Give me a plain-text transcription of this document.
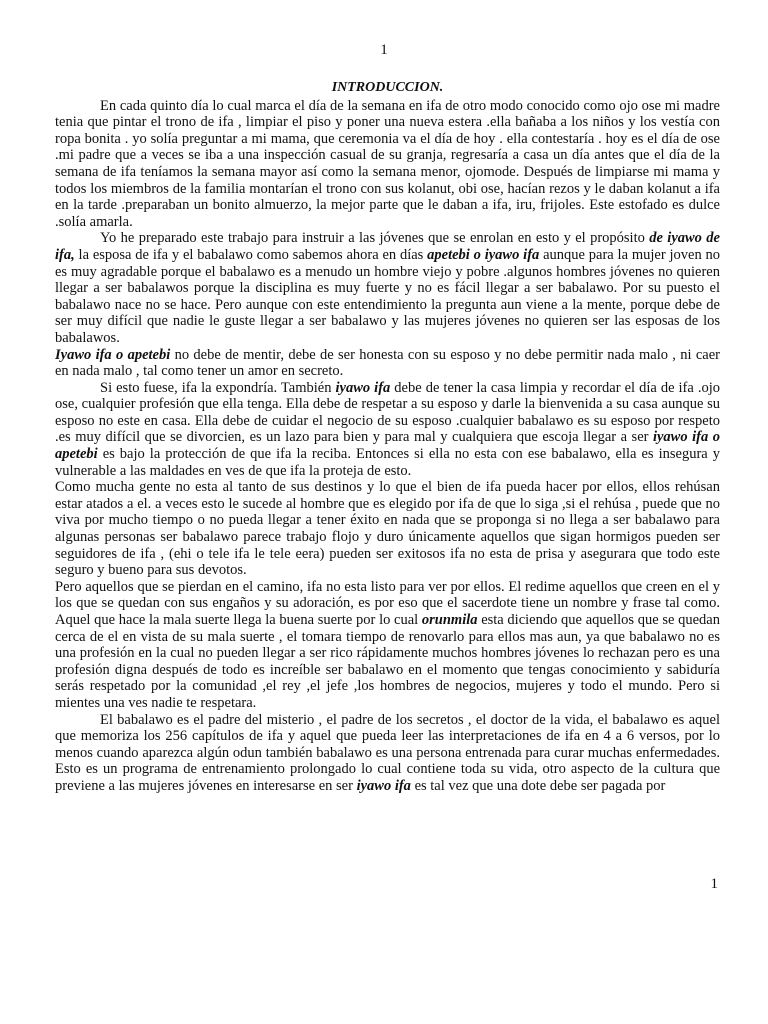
1
INTRODUCCION.

En cada quinto día lo cual marca el día de la semana en ifa de otro modo conocido como ojo ose mi madre tenia que pintar el trono de ifa , limpiar el piso y poner una nueva estera .ella bañaba a los niños y los vestía con ropa bonita . yo solía preguntar a mi mama, que ceremonia va el día de hoy . ella contestaría . hoy es el día de ose .mi padre que a veces se iba a una inspección casual de su granja, regresaría a casa un día antes que el día de la semana de ifa teníamos la semana mayor así como la semana menor, ojomode. Después de limpiarse mi mama y todos los miembros de la familia montarían el trono con sus kolanut, obi ose, hacían rezos y le daban kolanut a ifa en la tarde .preparaban un bonito almuerzo, la mejor parte que le daban a ifa, iru, frijoles. Este estofado es dulce .solía amarla.

Yo he preparado este trabajo para instruir a las jóvenes que se enrolan en esto y el propósito de iyawo de ifa, la esposa de ifa y el babalawo como sabemos ahora en días apetebi o iyawo ifa aunque para la mujer joven no es muy agradable porque el babalawo es a menudo un hombre viejo y pobre .algunos hombres jóvenes no quieren llegar a ser babalawos porque la disciplina es muy fuerte y no es fácil llegar a ser babalawo. Por su puesto el babalawo nace no se hace. Pero aunque con este entendimiento la pregunta aun viene a la mente, porque debe de ser muy difícil que nadie le guste llegar a ser babalawo y las mujeres jóvenes no quieren ser las esposas de los babalawos.

Iyawo ifa o apetebi no debe de mentir, debe de ser honesta con su esposo y no debe permitir nada malo , ni caer en nada malo , tal como tener un amor en secreto.

Si esto fuese, ifa la expondría. También iyawo ifa debe de tener la casa limpia y recordar el día de ifa .ojo ose, cualquier profesión que ella tenga. Ella debe de respetar a su esposo y darle la bienvenida a su casa aunque su esposo no este en casa. Ella debe de cuidar el negocio de su esposo .cualquier babalawo es su esposo por respeto .es muy difícil que se divorcien, es un lazo para bien y para mal y cualquiera que escoja llegar a ser iyawo ifa o apetebi es bajo la protección de que ifa la reciba. Entonces si ella no esta con ese babalawo, ella es insegura y vulnerable a las maldades en ves de que ifa la proteja de esto.

Como mucha gente no esta al tanto de sus destinos y lo que el bien de ifa pueda hacer por ellos, ellos rehúsan estar atados a el. a veces esto le sucede al hombre que es elegido por ifa de que lo siga ,si el rehúsa , puede que no viva por mucho tiempo o no pueda llegar a tener éxito en nada que se proponga si no llega a ser babalawo para algunas personas ser babalawo parece trabajo flojo y duro únicamente aquellos que sigan hormigos pueden ser seguidores de ifa , (ehi o tele ifa le tele eera) pueden ser exitosos ifa no esta de prisa y asegurara que todo este seguro y bueno para sus devotos.

Pero aquellos que se pierdan en el camino, ifa no esta listo para ver por ellos. El redime aquellos que creen en el y los que se quedan con sus engaños y su adoración, es por eso que el sacerdote tiene un nombre y frase tal como. Aquel que hace la mala suerte llega la buena suerte por lo cual orunmila esta diciendo que aquellos que se quedan cerca de el en vista de su mala suerte , el tomara tiempo de renovarlo para ellos mas aun, ya que babalawo no es una profesión en la cual no pueden llegar a ser rico rápidamente muchos hombres jóvenes lo rechazan pero es una profesión digna después de todo es increíble ser babalawo en el momento que tengas conocimiento y sabiduría serás respetado por la comunidad ,el rey ,el jefe ,los hombres de negocios, mujeres y todo el mundo. Pero si mientes una ves nadie te respetara.

El babalawo es el padre del misterio , el padre de los secretos , el doctor de la vida, el babalawo es aquel que memoriza los 256 capítulos de ifa y aquel que pueda leer las interpretaciones de ifa en 4 a 6 versos, por lo menos cuando aparezca algún odun también babalawo es una persona entrenada para curar muchas enfermedades. Esto es un programa de entrenamiento prolongado lo cual contiene toda su vida, otro aspecto de la cultura que previene a las mujeres jóvenes en interesarse en ser iyawo ifa es tal vez que una dote debe ser pagada por

1
